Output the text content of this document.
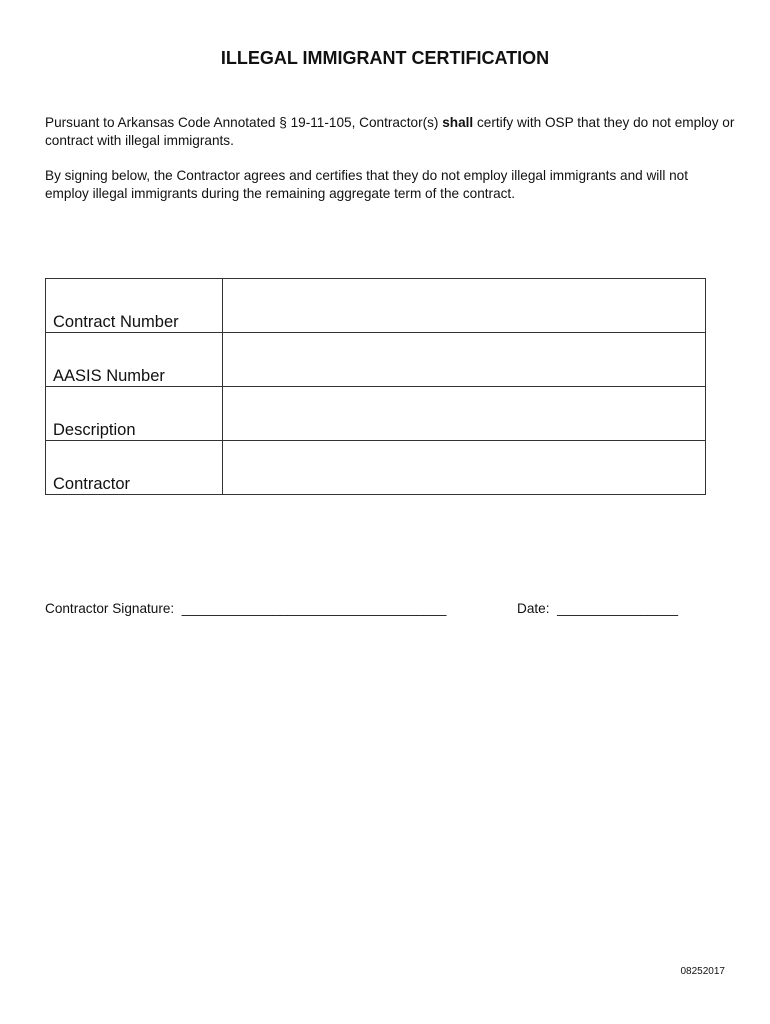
ILLEGAL IMMIGRANT CERTIFICATION
Pursuant to Arkansas Code Annotated § 19-11-105, Contractor(s) shall certify with OSP that they do not employ or contract with illegal immigrants.
By signing below, the Contractor agrees and certifies that they do not employ illegal immigrants and will not employ illegal immigrants during the remaining aggregate term of the contract.
Contract Number	
AASIS Number	
Description	
Contractor	
Contractor Signature: ___________________________________	Date: ________________
08252017
